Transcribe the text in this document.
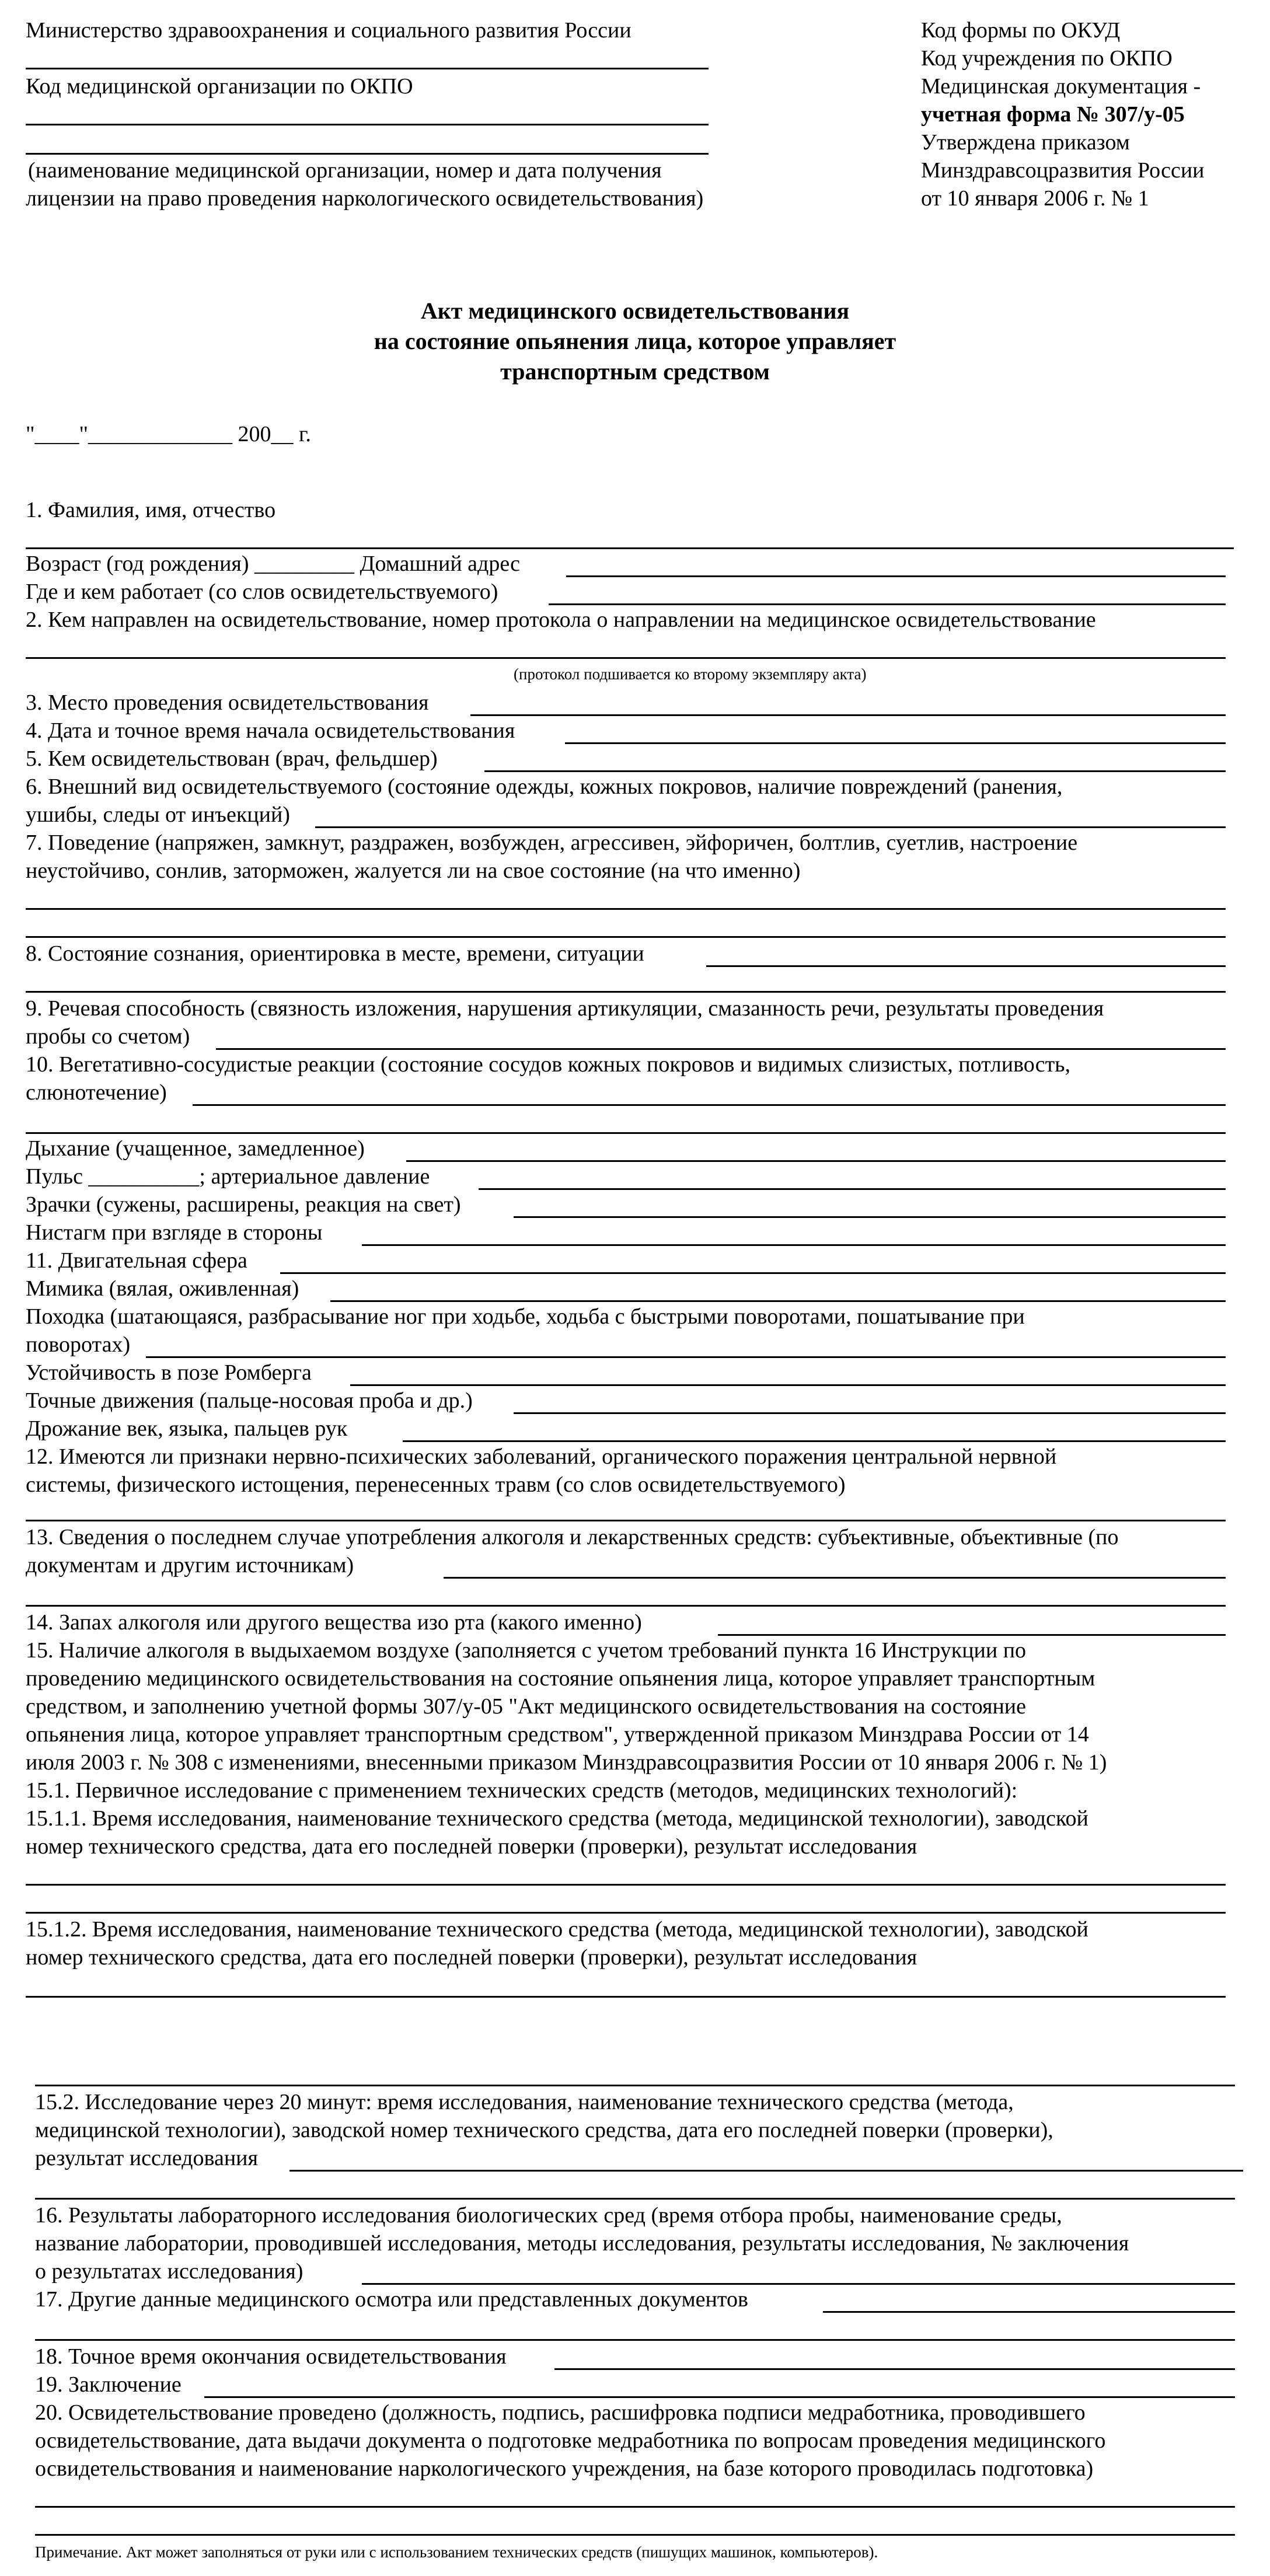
Министерство здравоохранения и социального развития России
Код медицинской организации по ОКПО
(наименование медицинской организации, номер и дата получения
лицензии на право проведения наркологического освидетельствования)
Код формы по ОКУД
Код учреждения по ОКПО
Медицинская документация -
учетная форма № 307/у-05
Утверждена приказом
Минздравсоцразвития России
от 10 января 2006 г. № 1
Акт медицинского освидетельствования
на состояние опьянения лица, которое управляет
транспортным средством
"____"_____________ 200__ г.
1. Фамилия, имя, отчество
Возраст (год рождения) _________ Домашний адрес
Где и кем работает (со слов освидетельствуемого)
2. Кем направлен на освидетельствование, номер протокола о направлении на медицинское освидетельствование
(протокол подшивается ко второму экземпляру акта)
3. Место проведения освидетельствования
4. Дата и точное время начала освидетельствования
5. Кем освидетельствован (врач, фельдшер)
6. Внешний вид освидетельствуемого (состояние одежды, кожных покровов, наличие повреждений (ранения,
ушибы, следы от инъекций)
7. Поведение (напряжен, замкнут, раздражен, возбужден, агрессивен, эйфоричен, болтлив, суетлив, настроение
неустойчиво, сонлив, заторможен, жалуется ли на свое состояние (на что именно)
8. Состояние сознания, ориентировка в месте, времени, ситуации
9. Речевая способность (связность изложения, нарушения артикуляции, смазанность речи, результаты проведения
пробы со счетом)
10. Вегетативно-сосудистые реакции (состояние сосудов кожных покровов и видимых слизистых, потливость,
слюнотечение)
Дыхание (учащенное, замедленное)
Пульс __________; артериальное давление
Зрачки (сужены, расширены, реакция на свет)
Нистагм при взгляде в стороны
11. Двигательная сфера
Мимика (вялая, оживленная)
Походка (шатающаяся, разбрасывание ног при ходьбе, ходьба с быстрыми поворотами, пошатывание при
поворотах)
Устойчивость в позе Ромберга
Точные движения (пальце-носовая проба и др.)
Дрожание век, языка, пальцев рук
12. Имеются ли признаки нервно-психических заболеваний, органического поражения центральной нервной
системы, физического истощения, перенесенных травм (со слов освидетельствуемого)
13. Сведения о последнем случае употребления алкоголя и лекарственных средств: субъективные, объективные (по
документам и другим источникам)
14. Запах алкоголя или другого вещества изо рта (какого именно)
15. Наличие алкоголя в выдыхаемом воздухе (заполняется с учетом требований пункта 16 Инструкции по
проведению медицинского освидетельствования на состояние опьянения лица, которое управляет транспортным
средством, и заполнению учетной формы 307/у-05 "Акт медицинского освидетельствования на состояние
опьянения лица, которое управляет транспортным средством", утвержденной приказом Минздрава России от 14
июля 2003 г. № 308 с изменениями, внесенными приказом Минздравсоцразвития России от 10 января 2006 г. № 1)
15.1. Первичное исследование с применением технических средств (методов, медицинских технологий):
15.1.1. Время исследования, наименование технического средства (метода, медицинской технологии), заводской
номер технического средства, дата его последней поверки (проверки), результат исследования
15.1.2. Время исследования, наименование технического средства (метода, медицинской технологии), заводской
номер технического средства, дата его последней поверки (проверки), результат исследования
15.2. Исследование через 20 минут: время исследования, наименование технического средства (метода,
медицинской технологии), заводской номер технического средства, дата его последней поверки (проверки),
результат исследования
16. Результаты лабораторного исследования биологических сред (время отбора пробы, наименование среды,
название лаборатории, проводившей исследования, методы исследования, результаты исследования, № заключения
о результатах исследования)
17. Другие данные медицинского осмотра или представленных документов
18. Точное время окончания освидетельствования
19. Заключение
20. Освидетельствование проведено (должность, подпись, расшифровка подписи медработника, проводившего
освидетельствование, дата выдачи документа о подготовке медработника по вопросам проведения медицинского
освидетельствования и наименование наркологического учреждения, на базе которого проводилась подготовка)
Примечание. Акт может заполняться от руки или с использованием технических средств (пишущих машинок, компьютеров).
